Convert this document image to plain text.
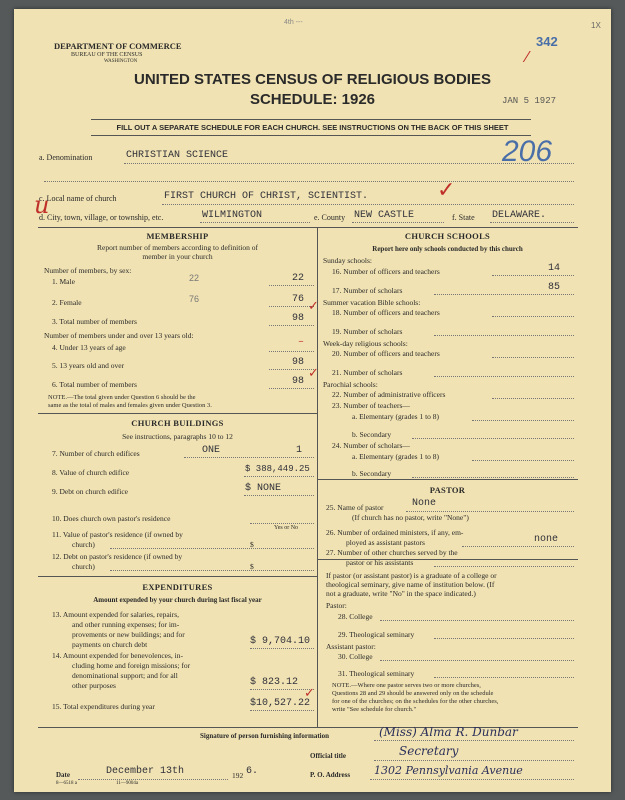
DEPARTMENT OF COMMERCE
BUREAU OF THE CENSUS
WASHINGTON
4th ---	1X
342
⁄
UNITED STATES CENSUS OF RELIGIOUS BODIES
SCHEDULE: 1926	JAN 5 1927
FILL OUT A SEPARATE SCHEDULE FOR EACH CHURCH. SEE INSTRUCTIONS ON THE BACK OF THIS SHEET
a. Denomination	CHRISTIAN SCIENCE	206
u
c. Local name of church	FIRST CHURCH OF CHRIST, SCIENTIST.	✓
d. City, town, village, or township, etc.	WILMINGTON	e. County NEW CASTLE	f. State DELAWARE.
MEMBERSHIP
Report number of members according to definition of
member in your church
Number of members, by sex:
1. Male	22	22
2. Female	76	76
3. Total number of members	98
✓
Number of members under and over 13 years old:
4. Under 13 years of age	–
5. 13 years old and over	98
6. Total number of members	98
✓
NOTE.—The total given under Question 6 should be the
same as the total of males and females given under Question 3.
CHURCH BUILDINGS
See instructions, paragraphs 10 to 12
7. Number of church edifices	ONE	1
8. Value of church edifice	$ 388,449.25
9. Debt on church edifice	$ NONE
10. Does church own pastor's residence
Yes or No
11. Value of pastor's residence (if owned by
church)	$
12. Debt on pastor's residence (if owned by
church)	$
EXPENDITURES
Amount expended by your church during last fiscal year
13. Amount expended for salaries, repairs,
and other running expenses; for im-
provements or new buildings; and for
payments on church debt	$ 9,704.10
14. Amount expended for benevolences, in-
cluding home and foreign missions; for
denominational support; and for all
other purposes	$ 823.12
15. Total expenditures during year	$10,527.22
✓
CHURCH SCHOOLS
Report here only schools conducted by this church
Sunday schools:
16. Number of officers and teachers	14
17. Number of scholars	85
Summer vacation Bible schools:
18. Number of officers and teachers
19. Number of scholars
Week-day religious schools:
20. Number of officers and teachers
21. Number of scholars
Parochial schools:
22. Number of administrative officers
23. Number of teachers—
a. Elementary (grades 1 to 8)
b. Secondary
24. Number of scholars—
a. Elementary (grades 1 to 8)
b. Secondary
PASTOR
25. Name of pastor	None
(If church has no pastor, write "None")
26. Number of ordained ministers, if any, em-
ployed as assistant pastors	none
27. Number of other churches served by the
pastor or his assistants
If pastor (or assistant pastor) is a graduate of a college or
theological seminary, give name of institution below. (If
not a graduate, write "No" in the space indicated.)
Pastor:
28. College
29. Theological seminary
Assistant pastor:
30. College
31. Theological seminary
NOTE.—Where one pastor serves two or more churches,
Questions 28 and 29 should be answered only on the schedule
for one of the churches; on the schedules for the other churches,
write "See schedule for church."
Signature of person furnishing information	(Miss) Alma R. Dunbar
Official title	Secretary
Date	December 13th	192 6.	P. O. Address 1302 Pennsylvania Avenue
8—6518 a	11—9004a
